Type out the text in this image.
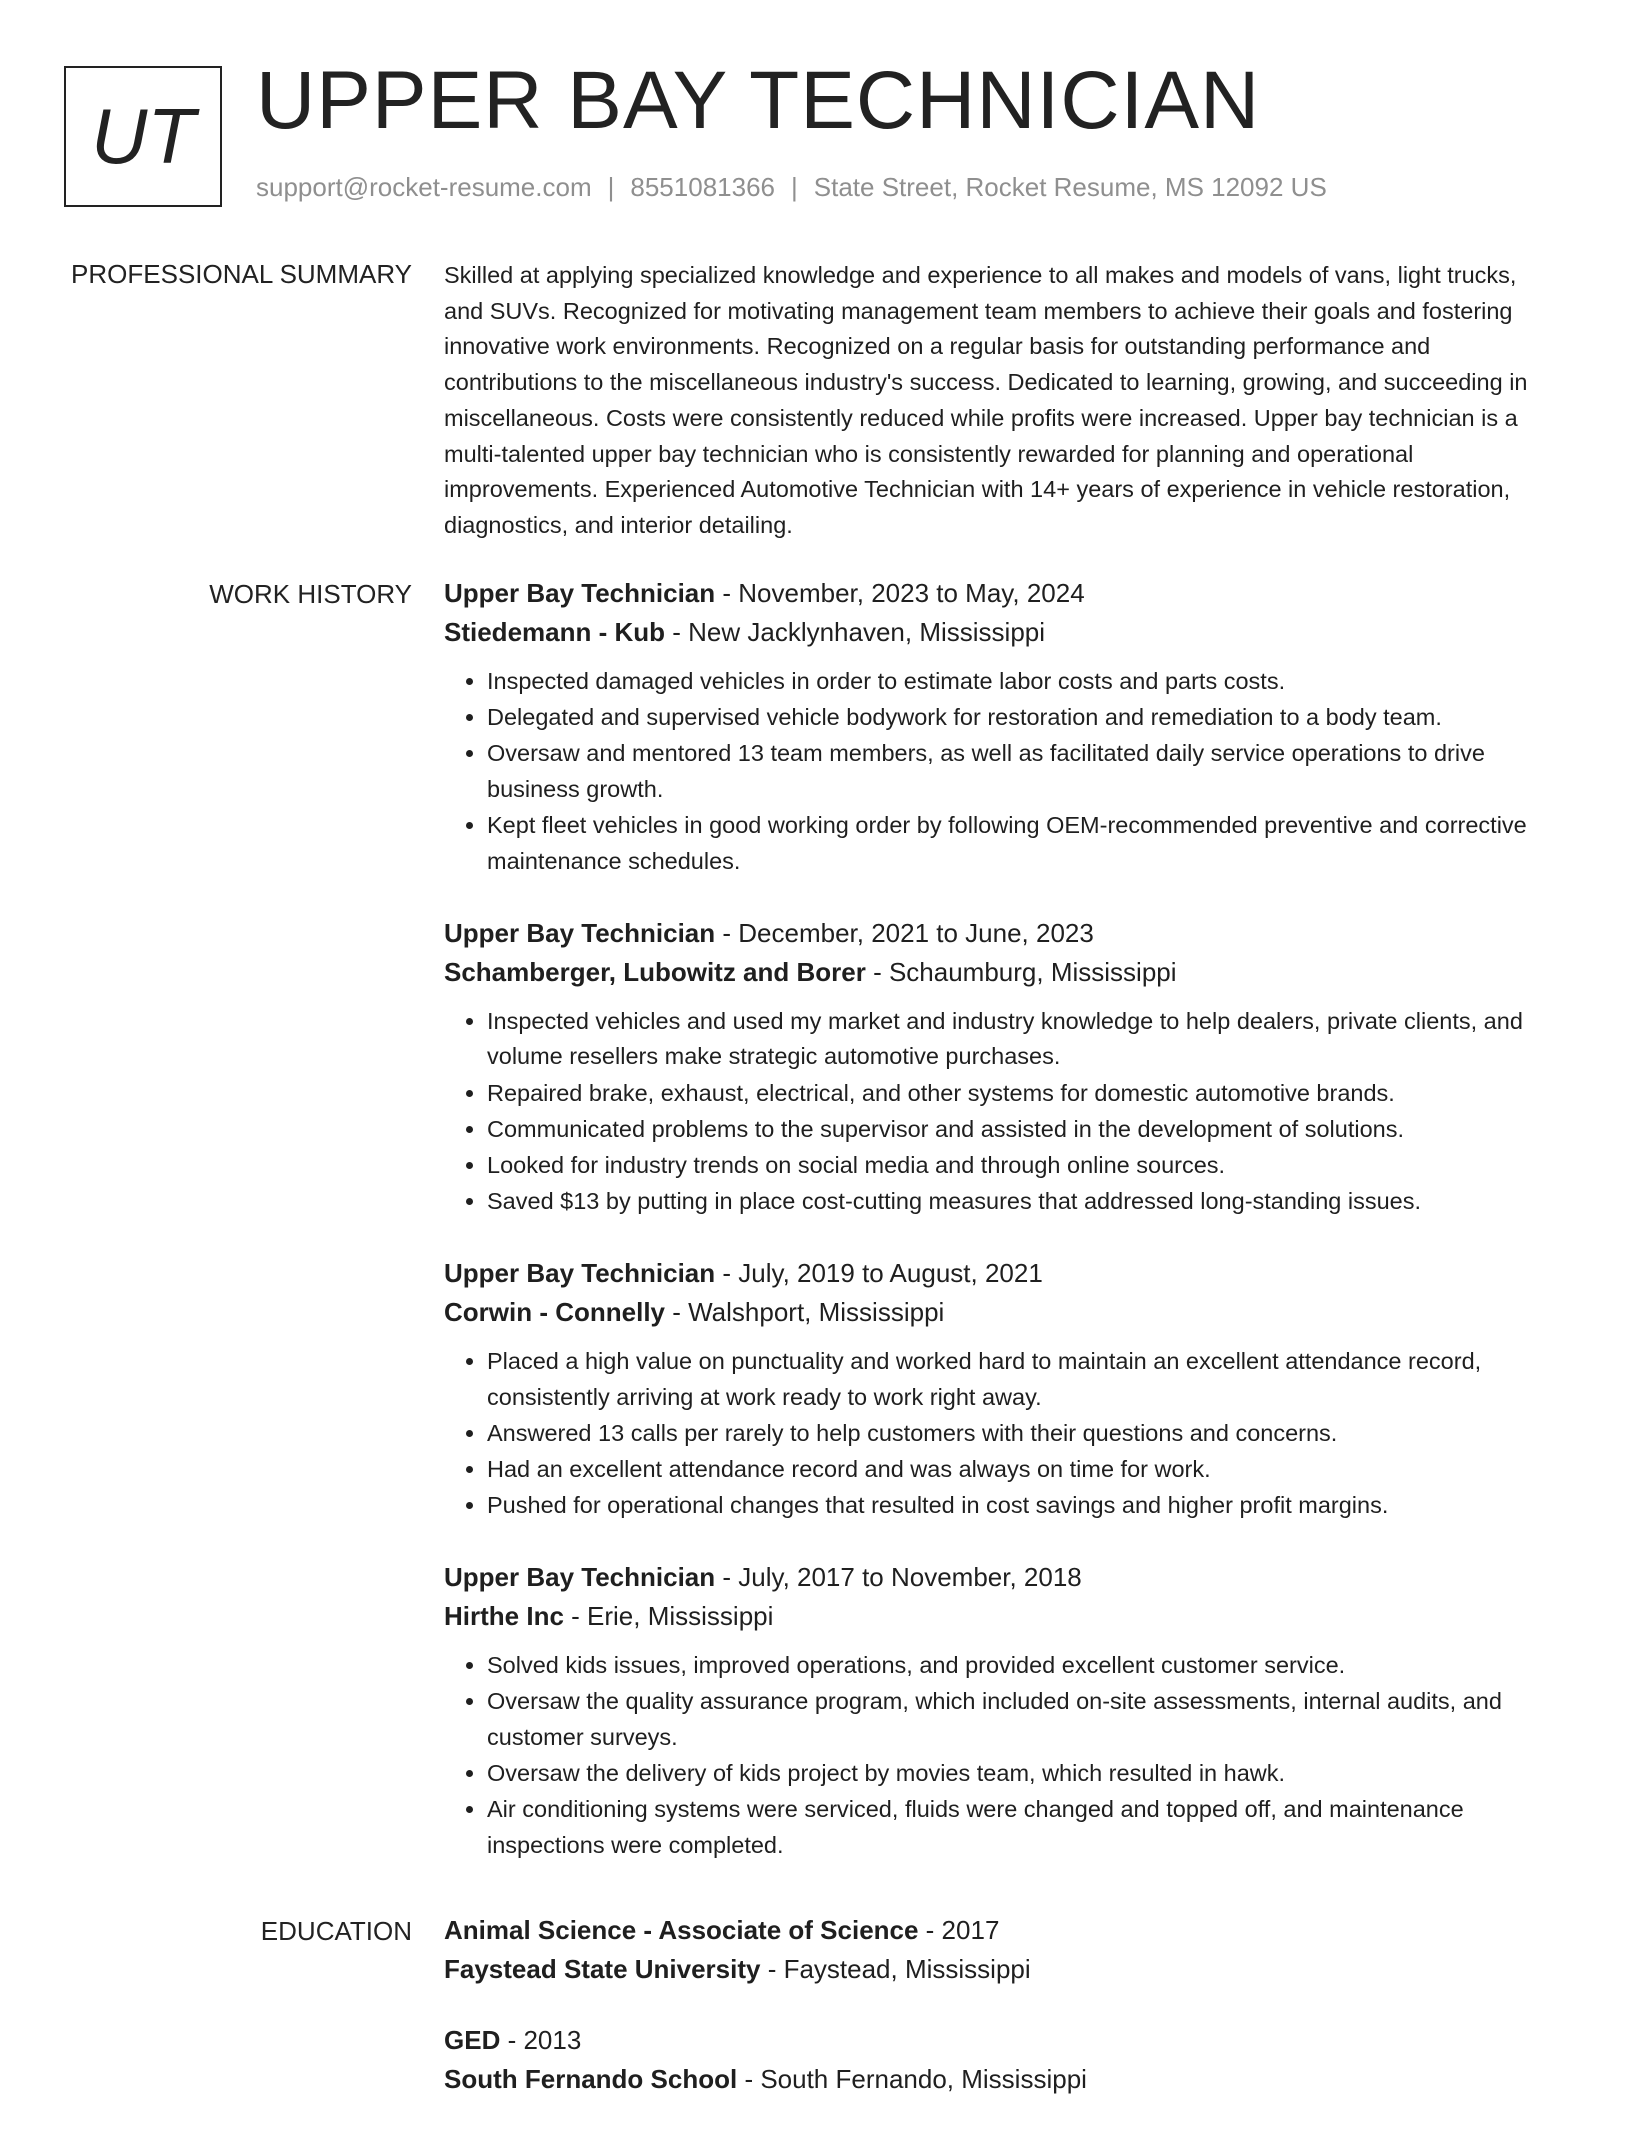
UT UPPER BAY TECHNICIAN
support@rocket-resume.com | 8551081366 | State Street, Rocket Resume, MS 12092 US
PROFESSIONAL SUMMARY Skilled at applying specialized knowledge and experience to all makes and models of vans, light trucks, and SUVs. Recognized for motivating management team members to achieve their goals and fostering innovative work environments. Recognized on a regular basis for outstanding performance and contributions to the miscellaneous industry's success. Dedicated to learning, growing, and succeeding in miscellaneous. Costs were consistently reduced while profits were increased. Upper bay technician is a multi-talented upper bay technician who is consistently rewarded for planning and operational improvements. Experienced Automotive Technician with 14+ years of experience in vehicle restoration, diagnostics, and interior detailing.

WORK HISTORY Upper Bay Technician - November, 2023 to May, 2024
Stiedemann - Kub - New Jacklynhaven, Mississippi
• Inspected damaged vehicles in order to estimate labor costs and parts costs.
• Delegated and supervised vehicle bodywork for restoration and remediation to a body team.
• Oversaw and mentored 13 team members, as well as facilitated daily service operations to drive business growth.
• Kept fleet vehicles in good working order by following OEM-recommended preventive and corrective maintenance schedules.
Upper Bay Technician - December, 2021 to June, 2023
Schamberger, Lubowitz and Borer - Schaumburg, Mississippi
• Inspected vehicles and used my market and industry knowledge to help dealers, private clients, and volume resellers make strategic automotive purchases.
• Repaired brake, exhaust, electrical, and other systems for domestic automotive brands.
• Communicated problems to the supervisor and assisted in the development of solutions.
• Looked for industry trends on social media and through online sources.
• Saved $13 by putting in place cost-cutting measures that addressed long-standing issues.
Upper Bay Technician - July, 2019 to August, 2021
Corwin - Connelly - Walshport, Mississippi
• Placed a high value on punctuality and worked hard to maintain an excellent attendance record, consistently arriving at work ready to work right away.
• Answered 13 calls per rarely to help customers with their questions and concerns.
• Had an excellent attendance record and was always on time for work.
• Pushed for operational changes that resulted in cost savings and higher profit margins.
Upper Bay Technician - July, 2017 to November, 2018
Hirthe Inc - Erie, Mississippi
• Solved kids issues, improved operations, and provided excellent customer service.
• Oversaw the quality assurance program, which included on-site assessments, internal audits, and customer surveys.
• Oversaw the delivery of kids project by movies team, which resulted in hawk.
• Air conditioning systems were serviced, fluids were changed and topped off, and maintenance inspections were completed.
EDUCATION Animal Science - Associate of Science - 2017
Faystead State University - Faystead, Mississippi
GED - 2013
South Fernando School - South Fernando, Mississippi
